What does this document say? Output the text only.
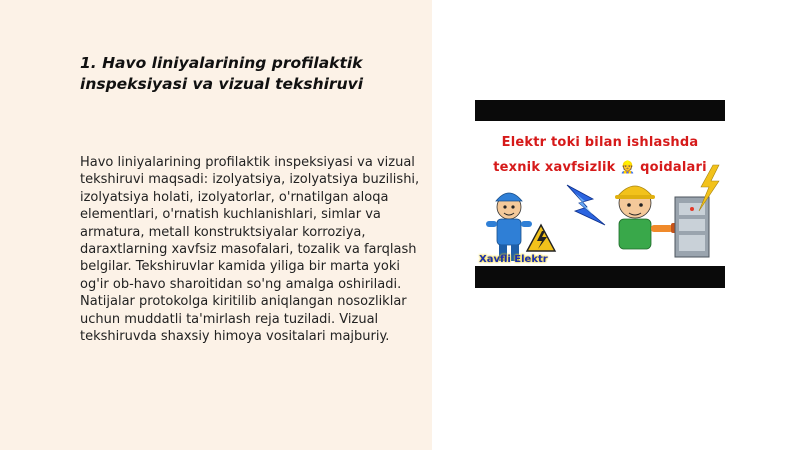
1. Havo liniyalarining profilaktik inspeksiyasi va vizual tekshiruvi

Havo liniyalarining profilaktik inspeksiyasi va vizual tekshiruvi maqsadi: izolyatsiya, izolyatsiya buzilishi, izolyatsiya holati, izolyatorlar, o'rnatilgan aloqa elementlari, o'rnatish kuchlanishlari, simlar va armatura, metall konstruktsiyalar korroziya, daraxtlarning xavfsiz masofalari, tozalik va farqlash belgilar. Tekshiruvlar kamida yiliga bir marta yoki og'ir ob-havo sharoitidan so'ng amalga oshiriladi. Natijalar protokolga kiritilib aniqlangan nosozliklar uchun muddatli ta'mirlash reja tuziladi. Vizual tekshiruvda shaxsiy himoya vositalari majburiy.

Elektr toki bilan ishlashda
texnik xavfsizlik 👷 qoidalari
Xavfli Elektr
